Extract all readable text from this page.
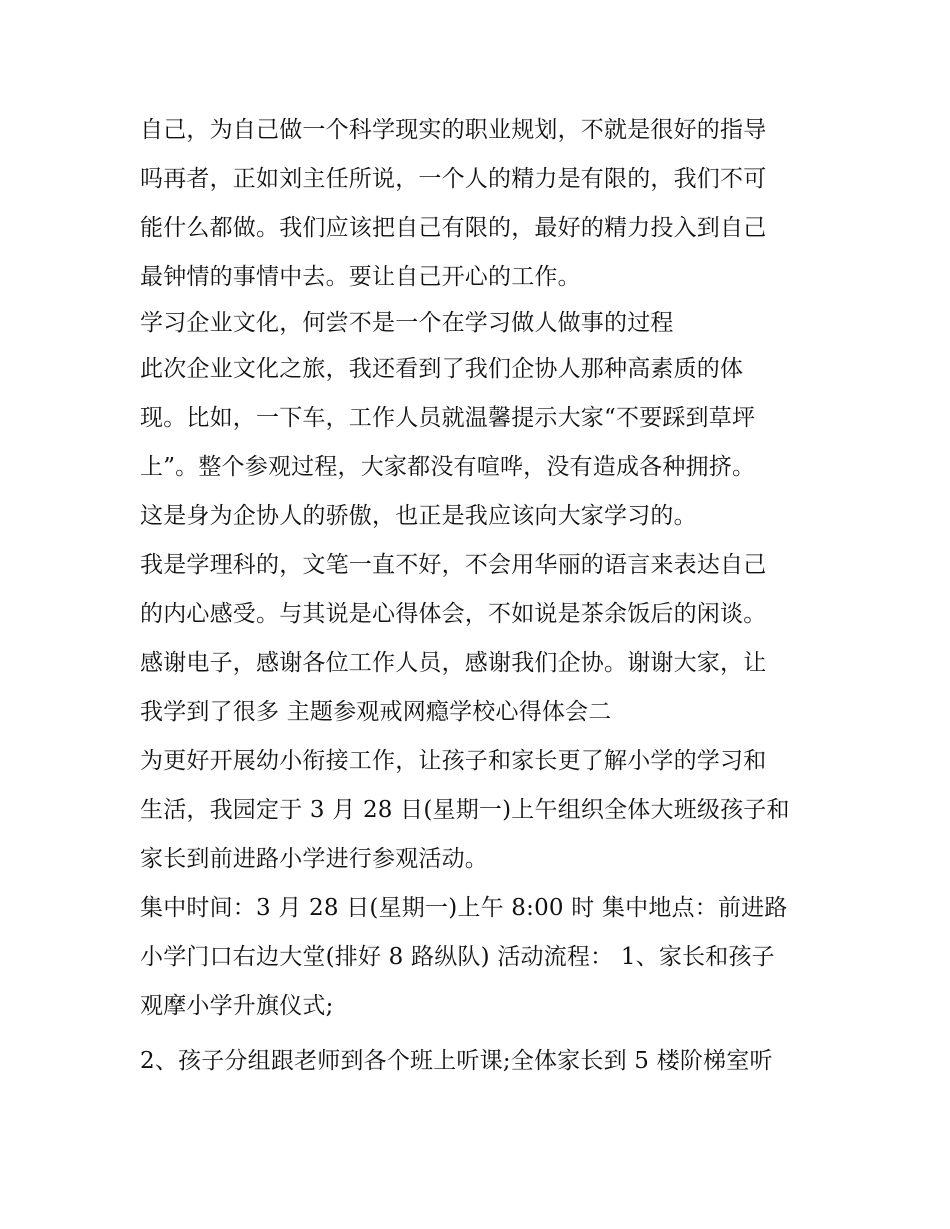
自己，为自己做一个科学现实的职业规划，不就是很好的指导
吗再者，正如刘主任所说，一个人的精力是有限的，我们不可
能什么都做。我们应该把自己有限的，最好的精力投入到自己
最钟情的事情中去。要让自己开心的工作。
学习企业文化，何尝不是一个在学习做人做事的过程
此次企业文化之旅，我还看到了我们企协人那种高素质的体
现。比如，一下车，工作人员就温馨提示大家“不要踩到草坪
上”。整个参观过程，大家都没有喧哗，没有造成各种拥挤。
这是身为企协人的骄傲，也正是我应该向大家学习的。
我是学理科的，文笔一直不好，不会用华丽的语言来表达自己
的内心感受。与其说是心得体会，不如说是茶余饭后的闲谈。
感谢电子，感谢各位工作人员，感谢我们企协。谢谢大家，让
我学到了很多 主题参观戒网瘾学校心得体会二
为更好开展幼小衔接工作，让孩子和家长更了解小学的学习和
生活，我园定于 3 月 28 日(星期一)上午组织全体大班级孩子和
家长到前进路小学进行参观活动。
集中时间：3 月 28 日(星期一)上午 8:00 时 集中地点：前进路
小学门口右边大堂(排好 8 路纵队) 活动流程： 1、家长和孩子
观摩小学升旗仪式;
2、孩子分组跟老师到各个班上听课;全体家长到 5 楼阶梯室听
